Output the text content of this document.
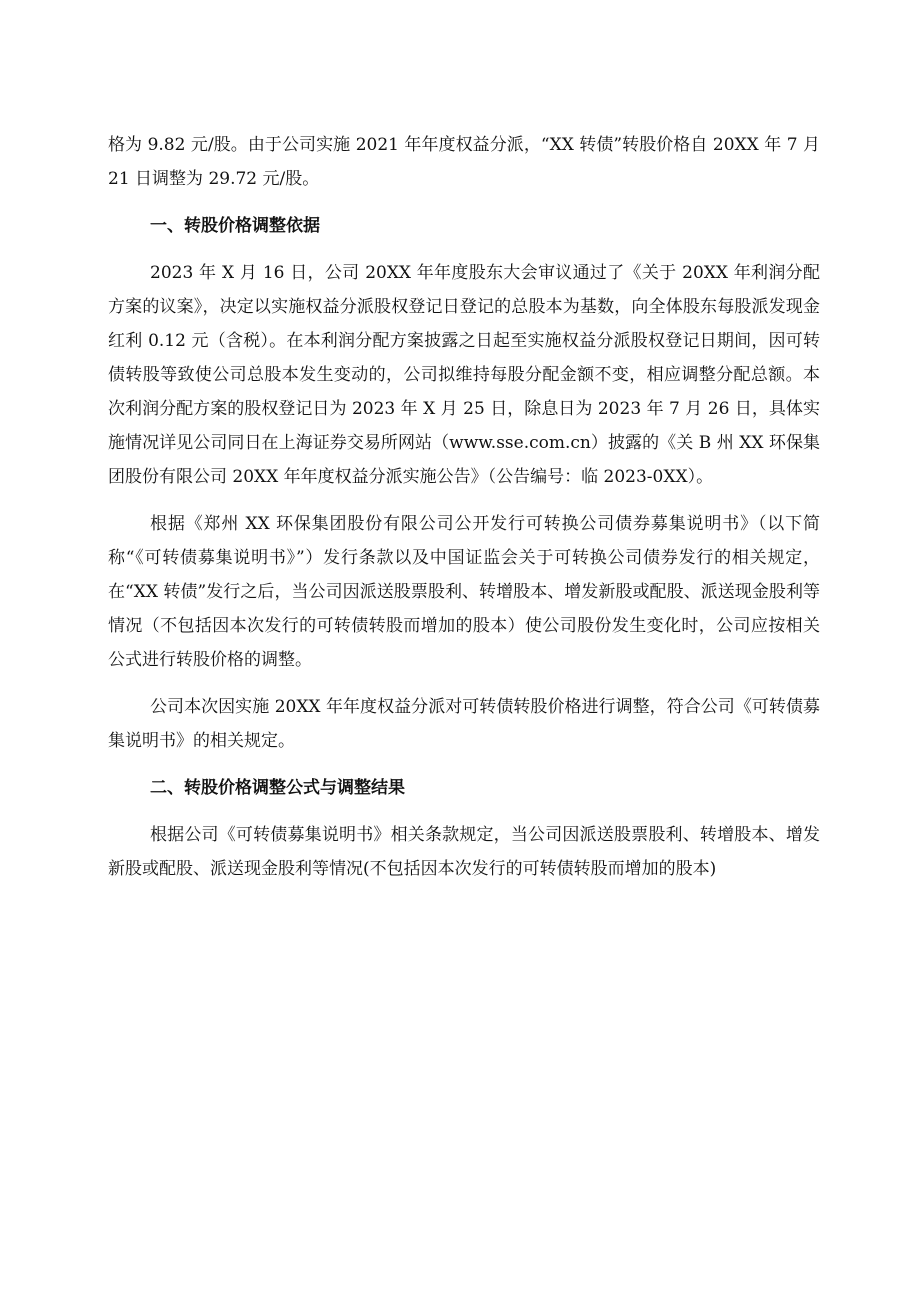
格为 9.82 元/股。由于公司实施 2021 年年度权益分派，“XX 转债”转股价格自 20XX 年 7 月 21 日调整为 29.72 元/股。

一、转股价格调整依据

2023 年 X 月 16 日，公司 20XX 年年度股东大会审议通过了《关于 20XX 年利润分配方案的议案》，决定以实施权益分派股权登记日登记的总股本为基数，向全体股东每股派发现金红利 0.12 元（含税）。在本利润分配方案披露之日起至实施权益分派股权登记日期间，因可转债转股等致使公司总股本发生变动的，公司拟维持每股分配金额不变，相应调整分配总额。本次利润分配方案的股权登记日为 2023 年 X 月 25 日，除息日为 2023 年 7 月 26 日，具体实施情况详见公司同日在上海证券交易所网站（www.sse.com.cn）披露的《关 B 州 XX 环保集团股份有限公司 20XX 年年度权益分派实施公告》（公告编号：临 2023-0XX）。

根据《郑州 XX 环保集团股份有限公司公开发行可转换公司债券募集说明书》（以下简称“《可转债募集说明书》”）发行条款以及中国证监会关于可转换公司债券发行的相关规定，在“XX 转债”发行之后，当公司因派送股票股利、转增股本、增发新股或配股、派送现金股利等情况（不包括因本次发行的可转债转股而增加的股本）使公司股份发生变化时，公司应按相关公式进行转股价格的调整。

公司本次因实施 20XX 年年度权益分派对可转债转股价格进行调整，符合公司《可转债募集说明书》的相关规定。

二、转股价格调整公式与调整结果

根据公司《可转债募集说明书》相关条款规定，当公司因派送股票股利、转增股本、增发新股或配股、派送现金股利等情况(不包括因本次发行的可转债转股而增加的股本)
